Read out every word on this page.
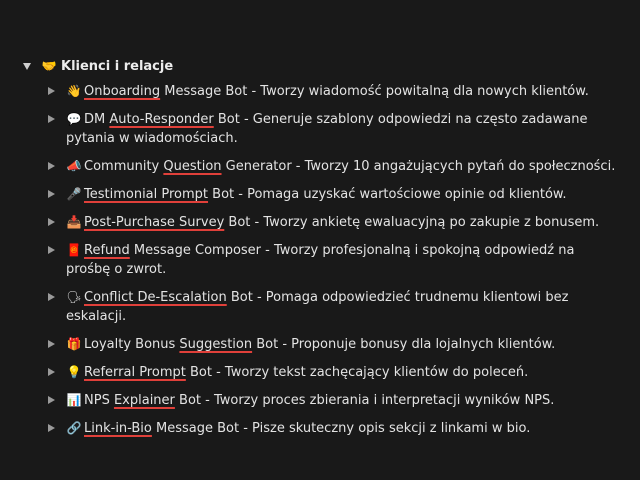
🤝 Klienci i relacje
👋 Onboarding Message Bot - Tworzy wiadomość powitalną dla nowych klientów.
💬 DM Auto-Responder Bot - Generuje szablony odpowiedzi na często zadawane pytania w wiadomościach.
📣 Community Question Generator - Tworzy 10 angażujących pytań do społeczności.
🎤 Testimonial Prompt Bot - Pomaga uzyskać wartościowe opinie od klientów.
📥 Post-Purchase Survey Bot - Tworzy ankietę ewaluacyjną po zakupie z bonusem.
🧧 Refund Message Composer - Tworzy profesjonalną i spokojną odpowiedź na prośbę o zwrot.
🗣 Conflict De-Escalation Bot - Pomaga odpowiedzieć trudnemu klientowi bez eskalacji.
🎁 Loyalty Bonus Suggestion Bot - Proponuje bonusy dla lojalnych klientów.
💡 Referral Prompt Bot - Tworzy tekst zachęcający klientów do poleceń.
📊 NPS Explainer Bot - Tworzy proces zbierania i interpretacji wyników NPS.
🔗 Link-in-Bio Message Bot - Pisze skuteczny opis sekcji z linkami w bio.
